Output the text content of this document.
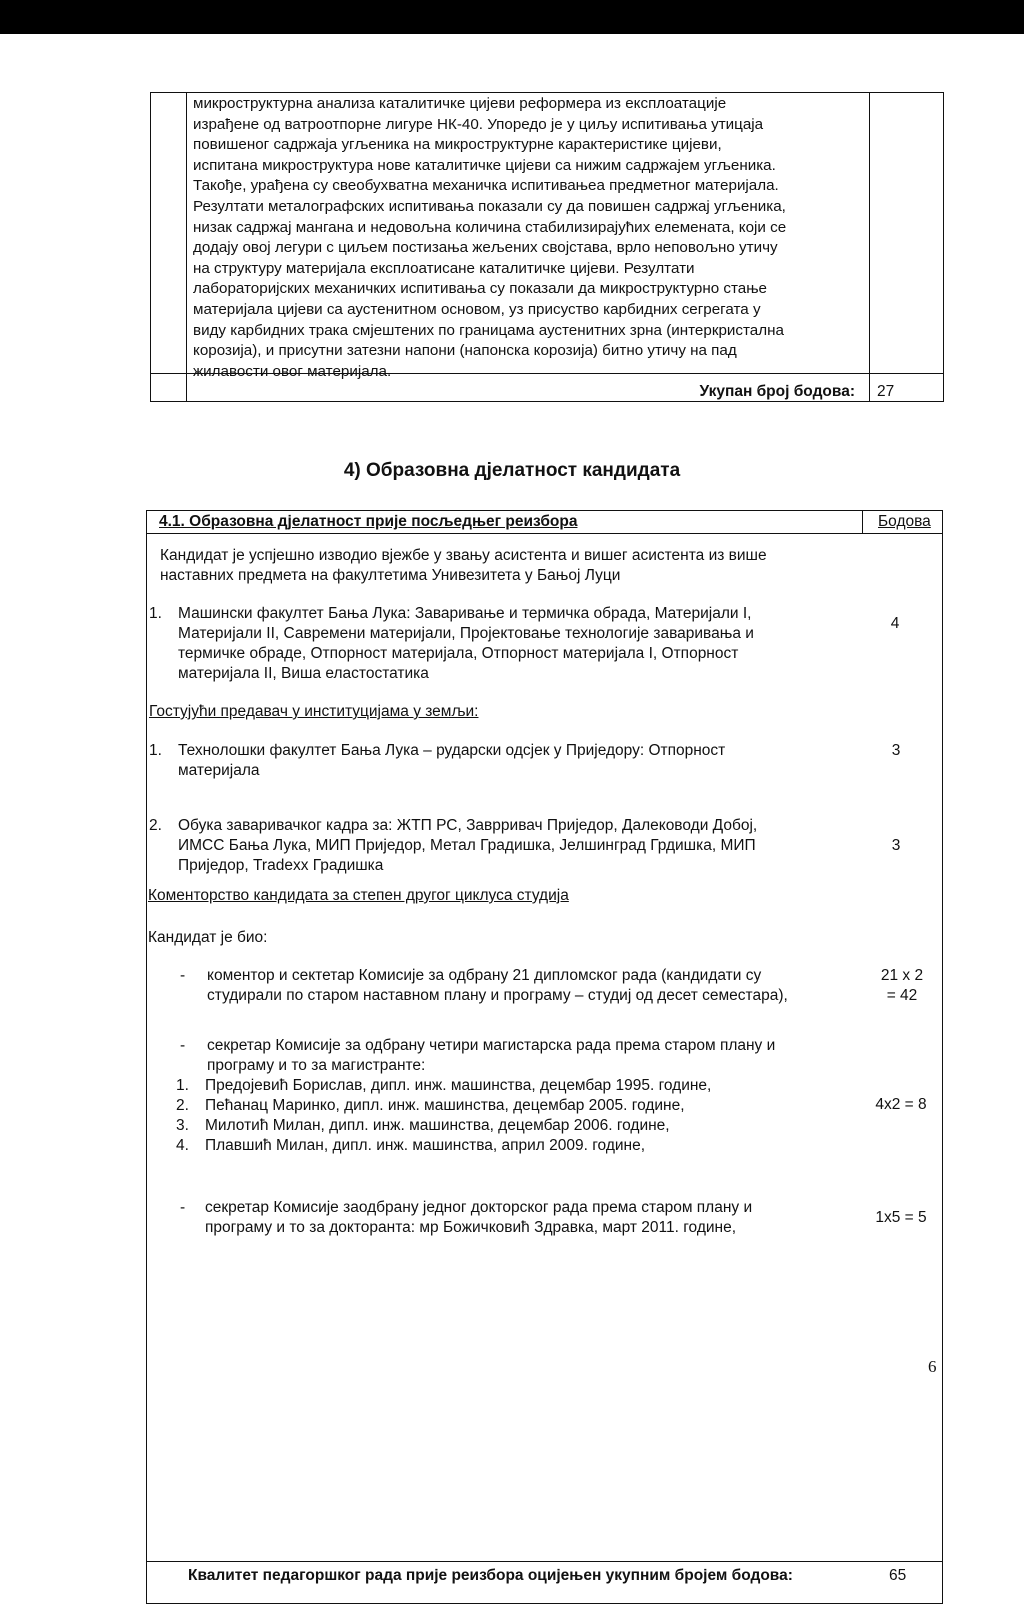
микроструктурна анализа каталитичке цијеви реформера из експлоатације
израђене од ватроотпорне лигуре НК-40. Упоредо је у циљу испитивања утицаја
повишеног садржаја угљеника на микроструктурне карактеристике цијеви,
испитана микроструктура нове каталитичке цијеви са нижим садржајем угљеника.
Такође, урађена су свеобухватна механичка испитивањеа предметног материјала.
Резултати металографских испитивања показали су да повишен садржај угљеника,
низак садржај мангана и недовољна количина стабилизирајућих елемената, који се
додају овој легури с циљем постизања жељених својстава, врло неповољно утичу
на структуру материјала експлоатисане каталитичке цијеви. Резултати
лабораторијских механичких испитивања су показали да микроструктурно стање
материјала цијеви са аустенитном основом, уз присуство карбидних сегрегата у
виду карбидних трака смјештених по границама аустенитних зрна (интеркристална
корозија), и присутни затезни напони (напонска корозија) битно утичу на пад
жилавости овог материјала.
Укупан број бодова: 27
4) Образовна дјелатност кандидата
4.1. Образовна дјелатност прије посљедњег реизбора	Бодова
Кандидат је успјешно изводио вјежбе у звању асистента и вишег асистента из више
наставних предмета на факултетима Унивезитета у Бањој Луци
1. Машински факултет Бања Лука: Заваривање и термичка обрада, Материјали I,
Материјали II, Савремени материјали, Пројектовање технологије заваривања и
термичке обраде, Отпорност материјала, Отпорност материјала I, Отпорност
материјала II, Виша еластостатика
4
Гостујући предавач у институцијама у земљи:
1. Технолошки факултет Бања Лука – рударски одсјек у Приједору: Отпорност
материјала
3
2. Обука заваривачког кадра за: ЖТП РС, Заврривач Приједор, Далеководи Добој,
ИМСС Бања Лука, МИП Приједор, Метал Градишка, Јелшинград Грдишка, МИП
Приједор, Tradexx Градишка
3
Коменторство кандидата за степен другог циклуса студија
Кандидат је био:
- коментор и сектетар Комисије за одбрану 21 дипломског рада (кандидати су
студирали по старом наставном плану и програму – студиј од десет семестара),
21 x 2
= 42
- секретар Комисије за одбрану четири магистарска рада према старом плану и
програму и то за магистранте:
1.	Предојевић Борислав, дипл. инж. машинства, децембар 1995. године,
2.	Пећанац Маринко, дипл. инж. машинства, децембар 2005. године,
3.	Милотић Милан, дипл. инж. машинства, децембар 2006. године,
4.	Плавшић Милан, дипл. инж. машинства, април 2009. године,
4x2 = 8
- секретар Комисије заодбрану једног докторског рада према старом плану и
програму и то за докторанта: мр Божичковић Здравка, март 2011. године,
1x5 = 5
Квалитет педагоршког рада прије реизбора оцијењен укупним бројем бодова:	65
6
